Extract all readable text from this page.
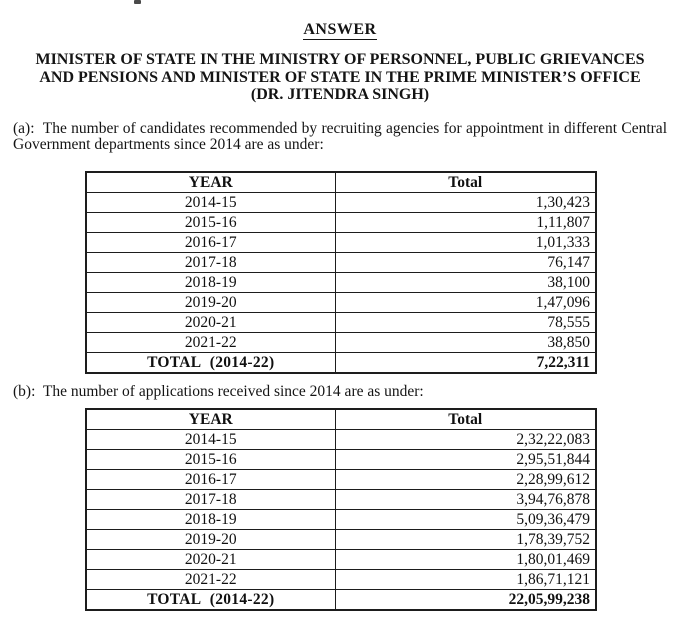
ANSWER
MINISTER OF STATE IN THE MINISTRY OF PERSONNEL, PUBLIC GRIEVANCES
AND PENSIONS AND MINISTER OF STATE IN THE PRIME MINISTER’S OFFICE
(DR. JITENDRA SINGH)

(a):  The number of candidates recommended by recruiting agencies for appointment in different Central Government departments since 2014 are as under:

YEAR	Total
2014-15	1,30,423
2015-16	1,11,807
2016-17	1,01,333
2017-18	76,147
2018-19	38,100
2019-20	1,47,096
2020-21	78,555
2021-22	38,850
TOTAL  (2014-22)	7,22,311

(b):  The number of applications received since 2014 are as under:

YEAR	Total
2014-15	2,32,22,083
2015-16	2,95,51,844
2016-17	2,28,99,612
2017-18	3,94,76,878
2018-19	5,09,36,479
2019-20	1,78,39,752
2020-21	1,80,01,469
2021-22	1,86,71,121
TOTAL  (2014-22)	22,05,99,238
